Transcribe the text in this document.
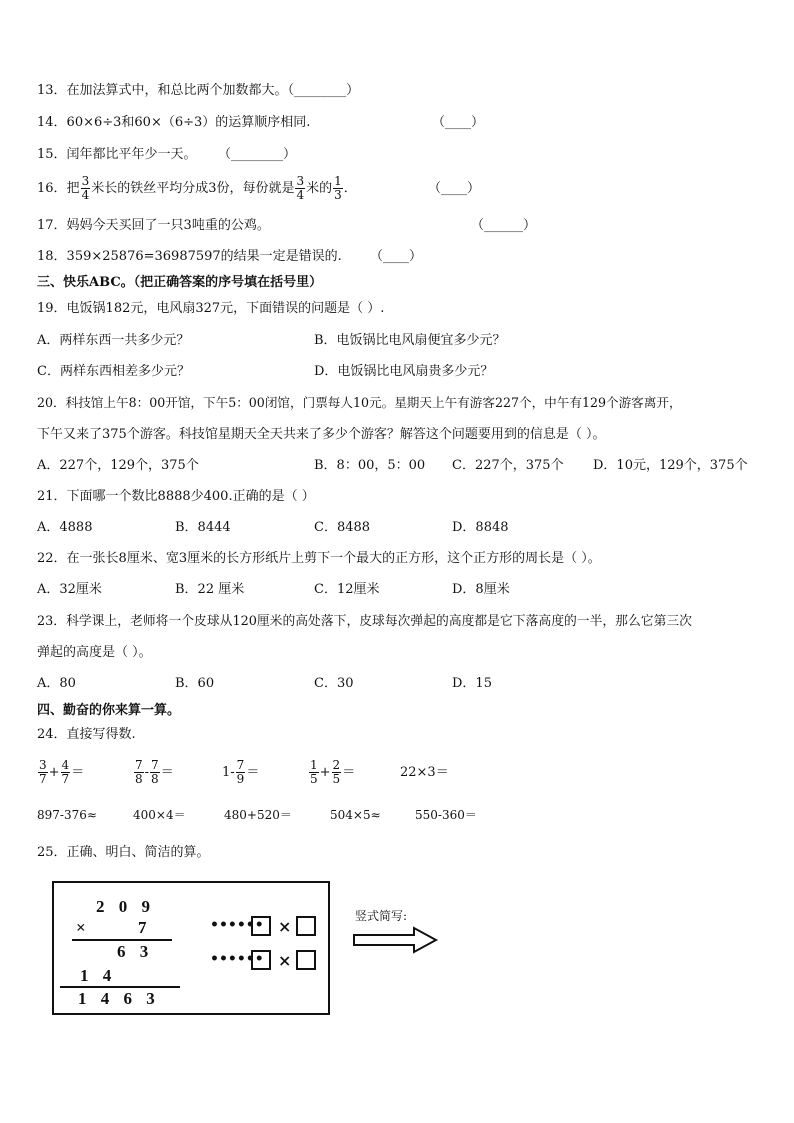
13．在加法算式中，和总比两个加数都大。（________）
14．60×6÷3和60×（6÷3）的运算顺序相同.	（____）
15．闰年都比平年少一天。 （________）
16．把 $\frac{3}{4}$ 米长的铁丝平均分成3份，每份就是 $\frac{3}{4}$ 米的 $\frac{1}{3}$ ．	（____）
17．妈妈今天买回了一只3吨重的公鸡。	（______）
18．359×25876=36987597的结果一定是错误的. （____）
三、快乐ABC。（把正确答案的序号填在括号里）
19．电饭锅182元，电风扇327元，下面错误的问题是（ ）.
A．两样东西一共多少元？	B．电饭锅比电风扇便宜多少元？
C．两样东西相差多少元？	D．电饭锅比电风扇贵多少元？
20．科技馆上午8：00开馆，下午5：00闭馆，门票每人10元。星期天上午有游客227个，中午有129个游客离开，
下午又来了375个游客。科技馆星期天全天共来了多少个游客？解答这个问题要用到的信息是（ ）。
A．227个，129个，375个	B．8：00，5：00 C．227个，375个 D．10元，129个，375个
21．下面哪一个数比8888少400.正确的是（ ）
A．4888	B．8444	C．8488	D．8848
22．在一张长8厘米、宽3厘米的长方形纸片上剪下一个最大的正方形，这个正方形的周长是（ ）。
A．32厘米	B．22 厘米	C．12厘米	D．8厘米
23．科学课上，老师将一个皮球从120厘米的高处落下，皮球每次弹起的高度都是它下落高度的一半，那么它第三次
弹起的高度是（ ）。
A．80	B．60	C．30	D．15
四、勤奋的你来算一算。
24．直接写得数.
$\frac{3}{7} + \frac{4}{7}$ ＝	$\frac{7}{8} - \frac{7}{8}$ ＝	$1- \frac{7}{9}$ ＝	$\frac{1}{5} + \frac{2}{5}$ ＝	22×3＝
897-376≈	400×4＝	480+520＝	504×5≈	550-360＝
25．正确、明白、简洁的算。
2 0 9
×	7
6 3
1 4
1 4 6 3
•••••• ×
•••••• ×
竖式简写:
